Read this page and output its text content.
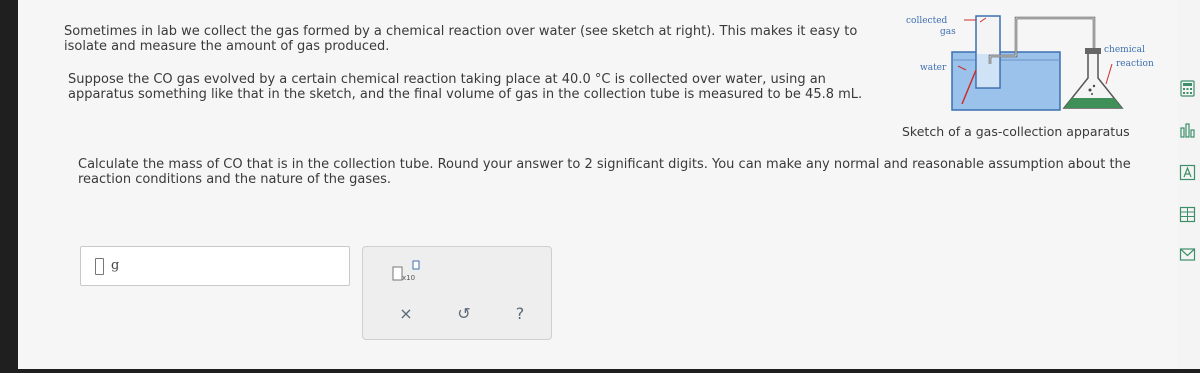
Sometimes in lab we collect the gas formed by a chemical reaction over water (see sketch at right). This makes it easy to isolate and measure the amount of gas produced.
Suppose the CO gas evolved by a certain chemical reaction taking place at 40.0 °C is collected over water, using an apparatus something like that in the sketch, and the final volume of gas in the collection tube is measured to be 45.8 mL.
Calculate the mass of CO that is in the collection tube. Round your answer to 2 significant digits. You can make any normal and reasonable assumption about the reaction conditions and the nature of the gases.
collected
gas
water
chemical
reaction
Sketch of a gas-collection apparatus
g
x10
×	↺	?
